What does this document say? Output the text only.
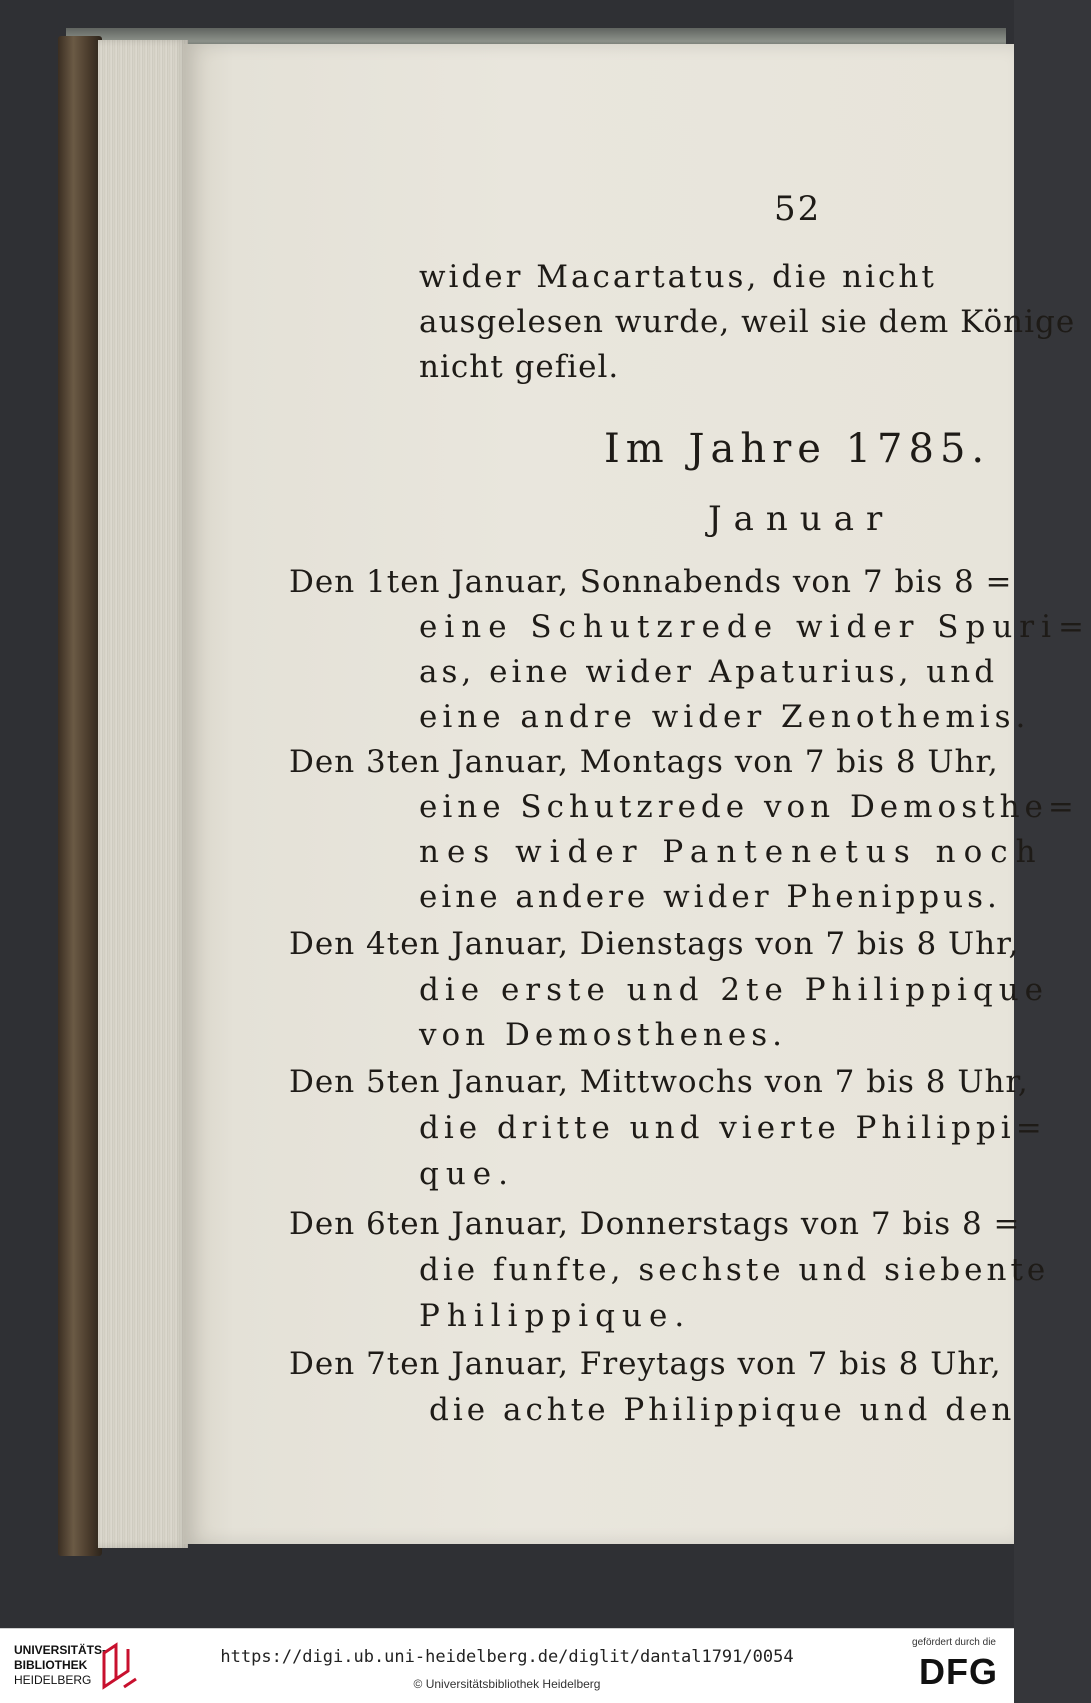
52
wider Macartatus, die nicht
ausgelesen wurde, weil sie dem Könige
nicht gefiel.
Im Jahre 1785.
Januar
Den 1ten Januar, Sonnabends von 7 bis 8 =
eine Schutzrede wider Spuri=
as, eine wider Apaturius, und
eine andre wider Zenothemis.
Den 3ten Januar, Montags von 7 bis 8 Uhr,
eine Schutzrede von Demosthe=
nes wider Pantenetus noch
eine andere wider Phenippus.
Den 4ten Januar, Dienstags von 7 bis 8 Uhr,
die erste und 2te Philippique
von Demosthenes.
Den 5ten Januar, Mittwochs von 7 bis 8 Uhr,
die dritte und vierte Philippi=
que.
Den 6ten Januar, Donnerstags von 7 bis 8 =
die funfte, sechste und siebente
Philippique.
Den 7ten Januar, Freytags von 7 bis 8 Uhr,
die achte Philippique und den
UNIVERSITÄTS-
BIBLIOTHEK
HEIDELBERG
https://digi.ub.uni-heidelberg.de/diglit/dantal1791/0054
© Universitätsbibliothek Heidelberg
gefördert durch die
DFG
